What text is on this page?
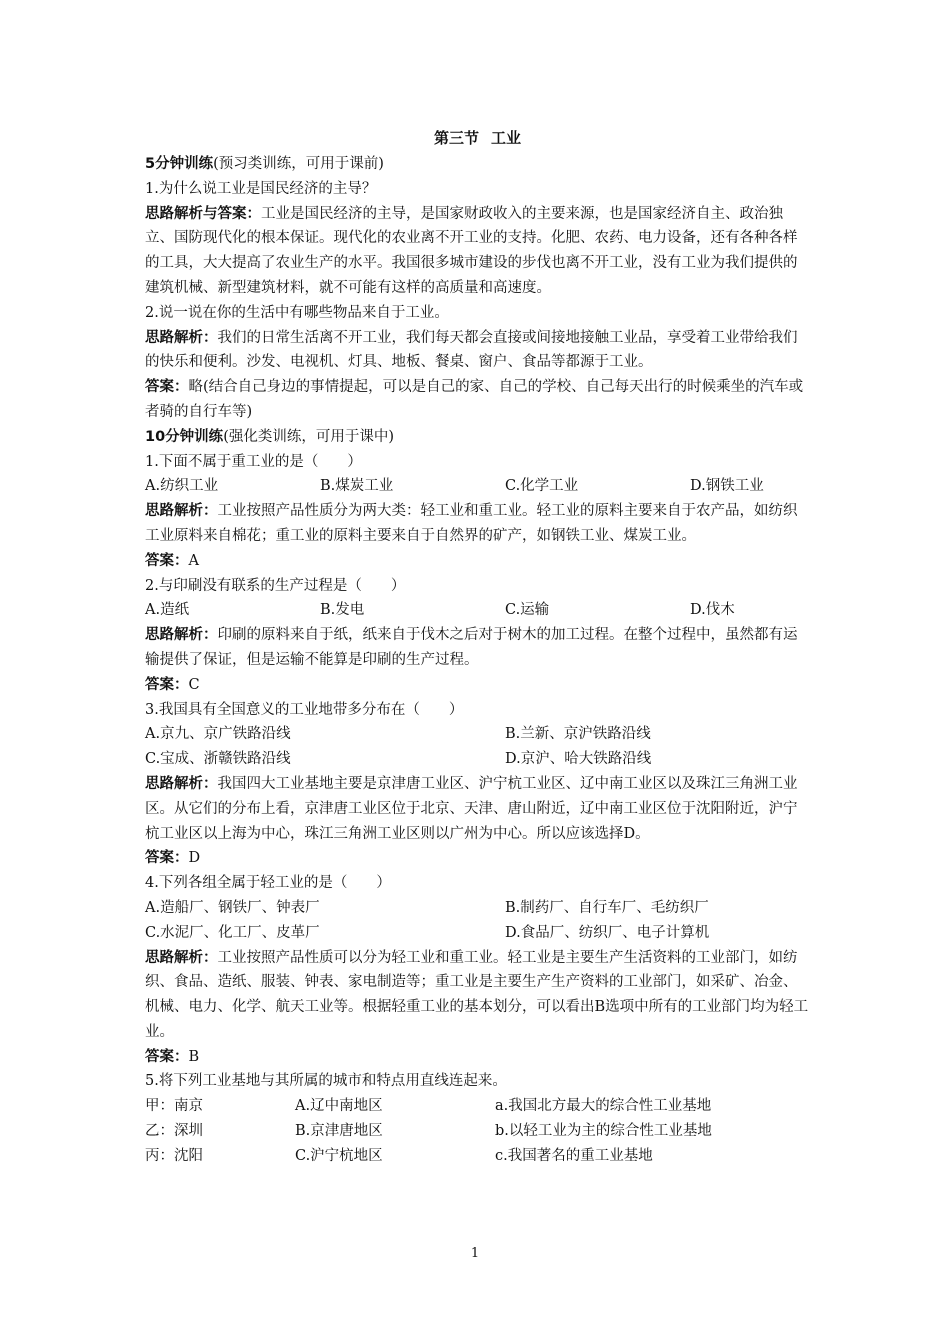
第三节 工业
5分钟训练(预习类训练，可用于课前)
1.为什么说工业是国民经济的主导？
思路解析与答案：工业是国民经济的主导，是国家财政收入的主要来源，也是国家经济自主、政治独立、国防现代化的根本保证。现代化的农业离不开工业的支持。化肥、农药、电力设备，还有各种各样的工具，大大提高了农业生产的水平。我国很多城市建设的步伐也离不开工业，没有工业为我们提供的建筑机械、新型建筑材料，就不可能有这样的高质量和高速度。
2.说一说在你的生活中有哪些物品来自于工业。
思路解析：我们的日常生活离不开工业，我们每天都会直接或间接地接触工业品，享受着工业带给我们的快乐和便利。沙发、电视机、灯具、地板、餐桌、窗户、食品等都源于工业。
答案：略(结合自己身边的事情提起，可以是自己的家、自己的学校、自己每天出行的时候乘坐的汽车或者骑的自行车等)
10分钟训练(强化类训练，可用于课中)
1.下面不属于重工业的是（　　）
A.纺织工业	B.煤炭工业	C.化学工业	D.钢铁工业
思路解析：工业按照产品性质分为两大类：轻工业和重工业。轻工业的原料主要来自于农产品，如纺织工业原料来自棉花；重工业的原料主要来自于自然界的矿产，如钢铁工业、煤炭工业。
答案：A
2.与印刷没有联系的生产过程是（　　）
A.造纸	B.发电	C.运输	D.伐木
思路解析：印刷的原料来自于纸，纸来自于伐木之后对于树木的加工过程。在整个过程中，虽然都有运输提供了保证，但是运输不能算是印刷的生产过程。
答案：C
3.我国具有全国意义的工业地带多分布在（　　）
A.京九、京广铁路沿线	B.兰新、京沪铁路沿线
C.宝成、浙赣铁路沿线	D.京沪、哈大铁路沿线
思路解析：我国四大工业基地主要是京津唐工业区、沪宁杭工业区、辽中南工业区以及珠江三角洲工业区。从它们的分布上看，京津唐工业区位于北京、天津、唐山附近，辽中南工业区位于沈阳附近，沪宁杭工业区以上海为中心，珠江三角洲工业区则以广州为中心。所以应该选择D。
答案：D
4.下列各组全属于轻工业的是（　　）
A.造船厂、钢铁厂、钟表厂	B.制药厂、自行车厂、毛纺织厂
C.水泥厂、化工厂、皮革厂	D.食品厂、纺织厂、电子计算机
思路解析：工业按照产品性质可以分为轻工业和重工业。轻工业是主要生产生活资料的工业部门，如纺织、食品、造纸、服装、钟表、家电制造等；重工业是主要生产生产资料的工业部门，如采矿、冶金、机械、电力、化学、航天工业等。根据轻重工业的基本划分，可以看出B选项中所有的工业部门均为轻工业。
答案：B
5.将下列工业基地与其所属的城市和特点用直线连起来。
甲：南京	A.辽中南地区	a.我国北方最大的综合性工业基地
乙：深圳	B.京津唐地区	b.以轻工业为主的综合性工业基地
丙：沈阳	C.沪宁杭地区	c.我国著名的重工业基地
1
